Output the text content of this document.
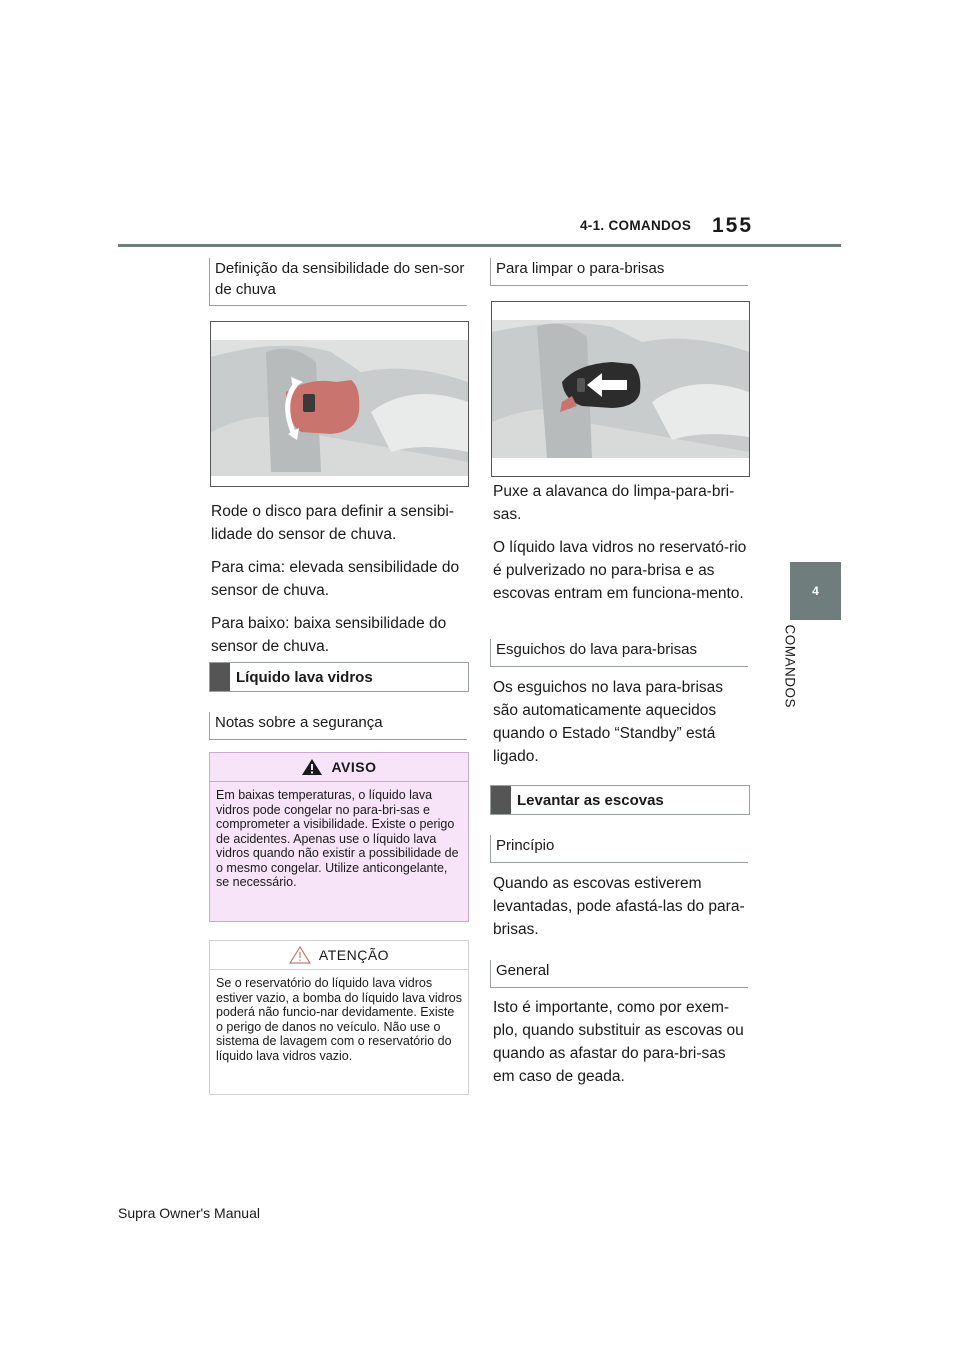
4-1. COMANDOS 155
4
COMANDOS
Definição da sensibilidade do sen-sor de chuva

Rode o disco para definir a sensibi-lidade do sensor de chuva.

Para cima: elevada sensibilidade do sensor de chuva.

Para baixo: baixa sensibilidade do sensor de chuva.

Líquido lava vidros
Notas sobre a segurança
AVISO
Em baixas temperaturas, o líquido lava vidros pode congelar no para-bri-sas e comprometer a visibilidade. Existe o perigo de acidentes. Apenas use o líquido lava vidros quando não existir a possibilidade de o mesmo congelar. Utilize anticongelante, se necessário.
ATENÇÃO
Se o reservatório do líquido lava vidros estiver vazio, a bomba do líquido lava vidros poderá não funcio-nar devidamente. Existe o perigo de danos no veículo. Não use o sistema de lavagem com o reservatório do líquido lava vidros vazio.
Para limpar o para-brisas

Puxe a alavanca do limpa-para-bri-sas.

O líquido lava vidros no reservató-rio é pulverizado no para-brisa e as escovas entram em funciona-mento.

Esguichos do lava para-brisas

Os esguichos no lava para-brisas são automaticamente aquecidos quando o Estado “Standby” está ligado.

Levantar as escovas
Princípio

Quando as escovas estiverem levantadas, pode afastá-las do para-brisas.

General

Isto é importante, como por exem-plo, quando substituir as escovas ou quando as afastar do para-bri-sas em caso de geada.

Supra Owner's Manual
